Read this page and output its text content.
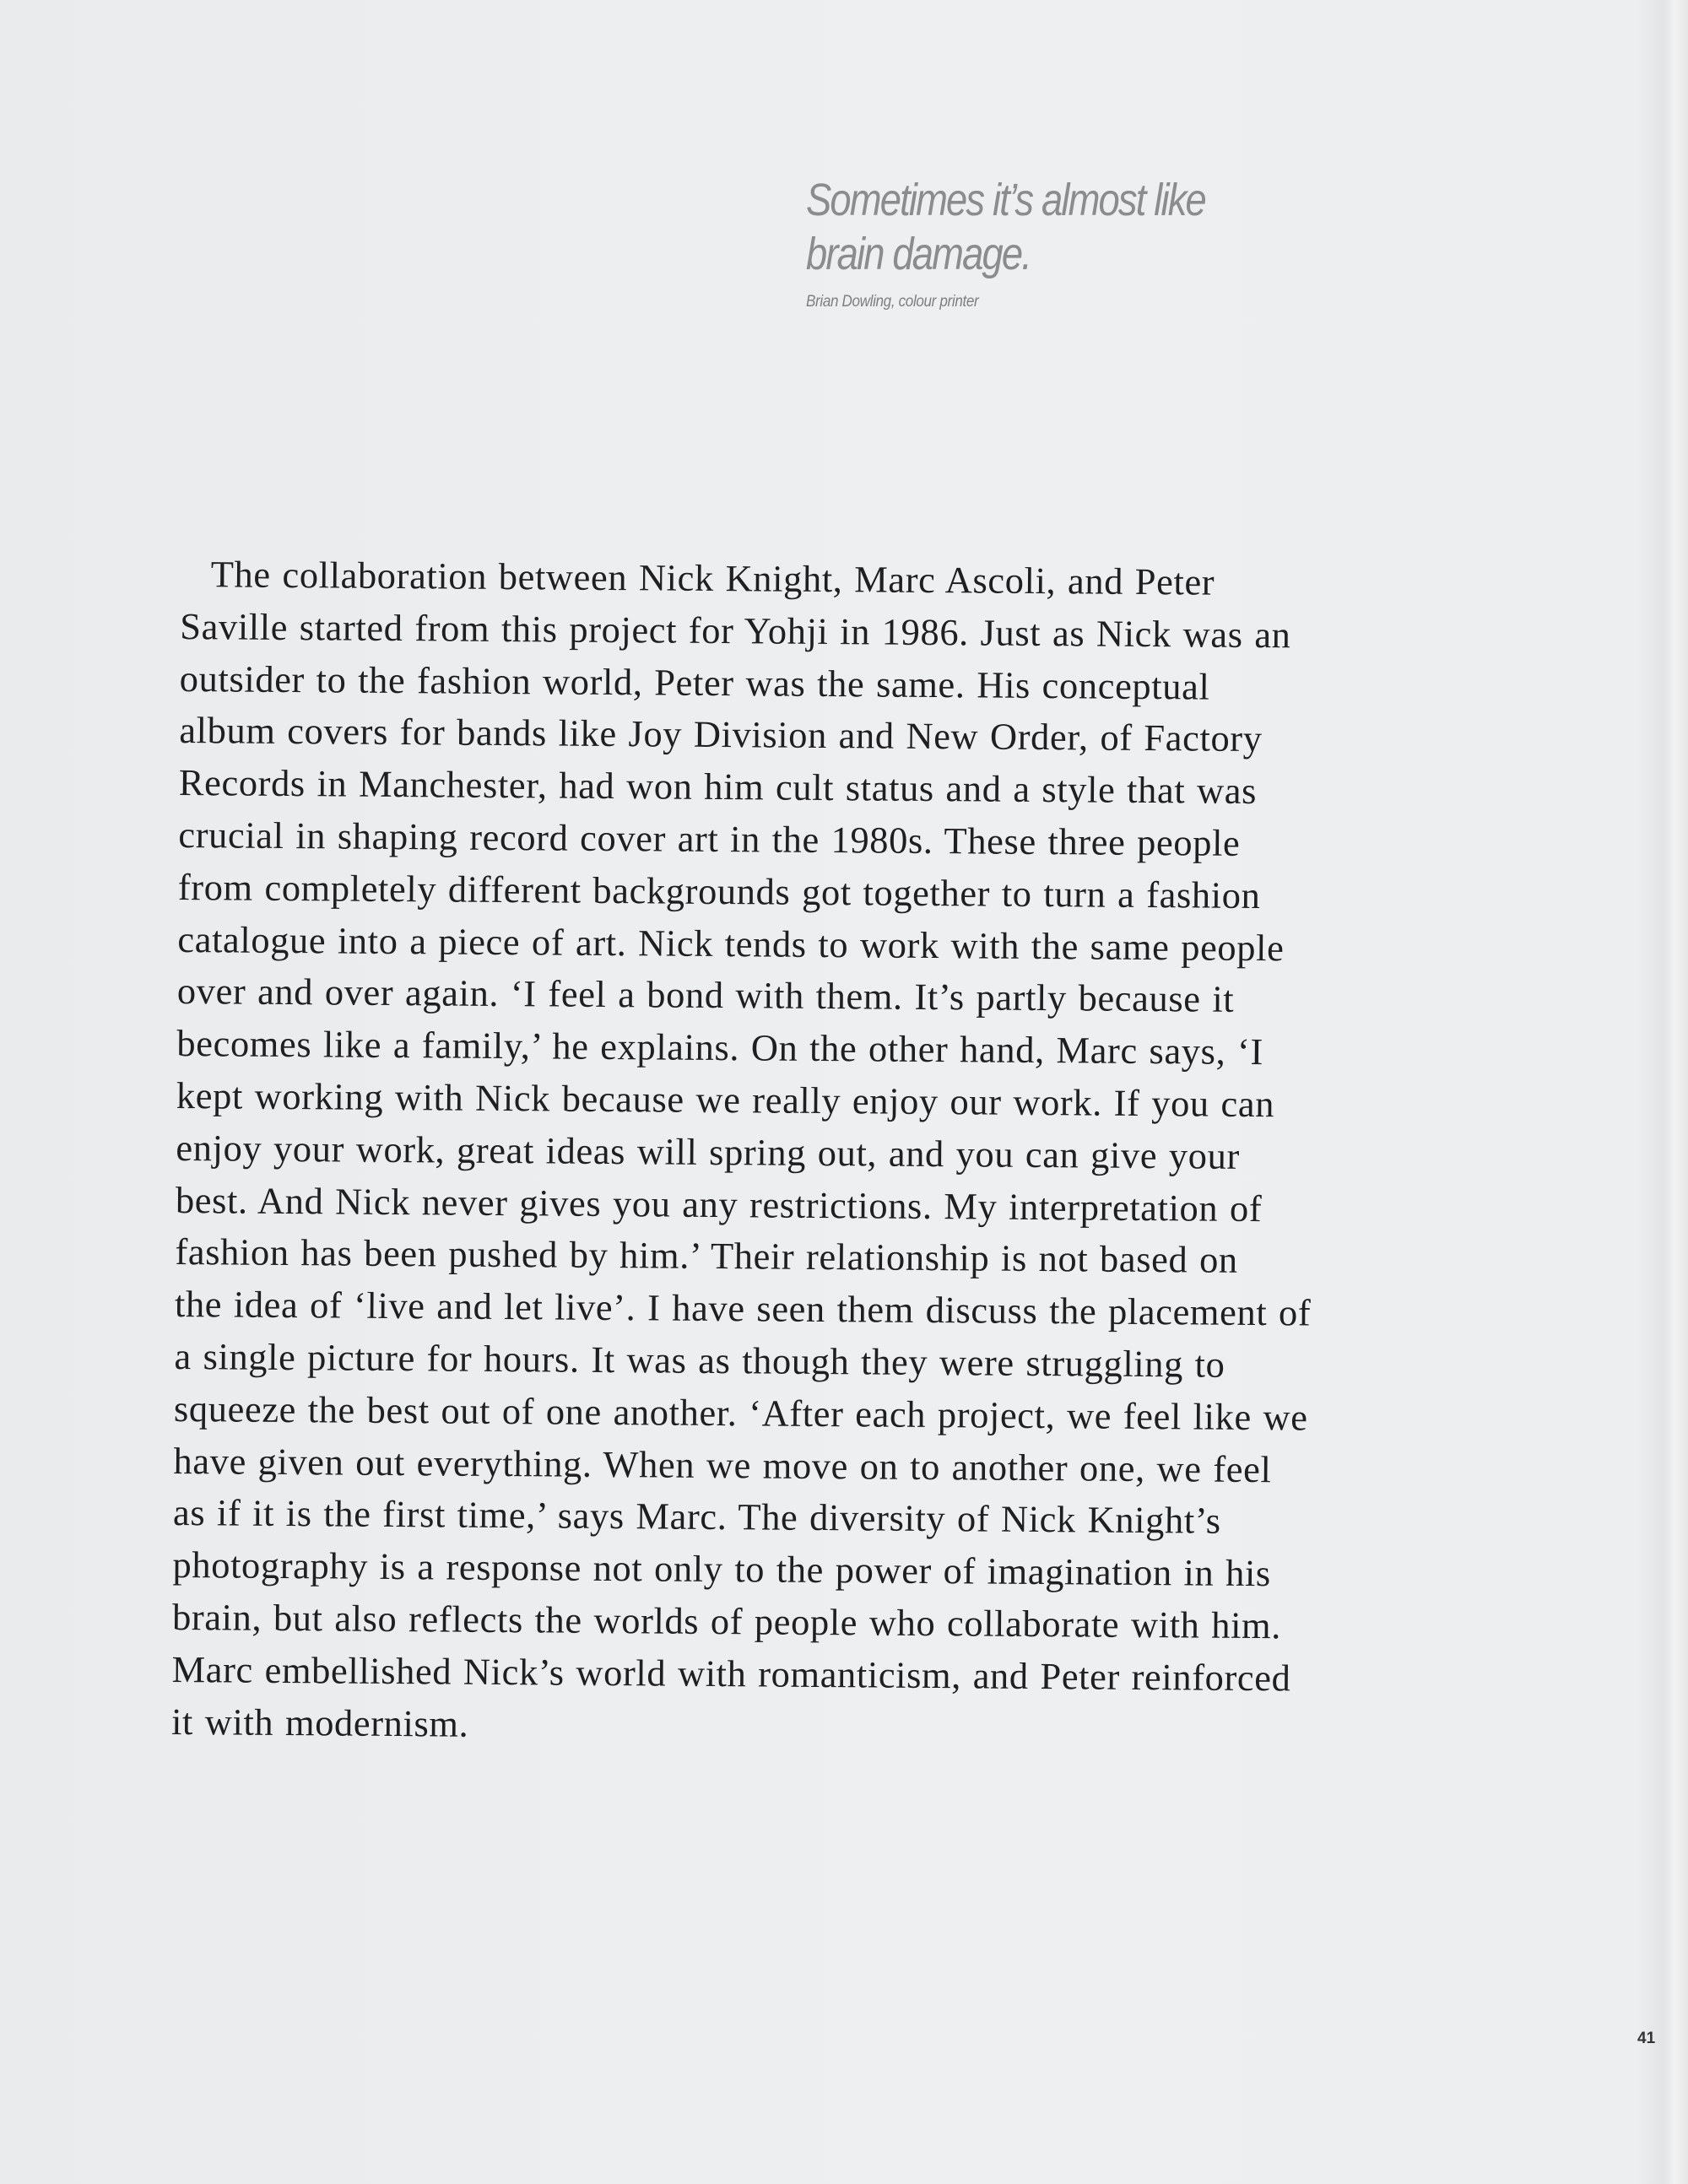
Sometimes it’s almost like
brain damage.

Brian Dowling, colour printer
The collaboration between Nick Knight, Marc Ascoli, and Peter
Saville started from this project for Yohji in 1986. Just as Nick was an
outsider to the fashion world, Peter was the same. His conceptual
album covers for bands like Joy Division and New Order, of Factory
Records in Manchester, had won him cult status and a style that was
crucial in shaping record cover art in the 1980s. These three people
from completely different backgrounds got together to turn a fashion
catalogue into a piece of art. Nick tends to work with the same people
over and over again. ‘I feel a bond with them. It’s partly because it
becomes like a family,’ he explains. On the other hand, Marc says, ‘I
kept working with Nick because we really enjoy our work. If you can
enjoy your work, great ideas will spring out, and you can give your
best. And Nick never gives you any restrictions. My interpretation of
fashion has been pushed by him.’ Their relationship is not based on
the idea of ‘live and let live’. I have seen them discuss the placement of
a single picture for hours. It was as though they were struggling to
squeeze the best out of one another. ‘After each project, we feel like we
have given out everything. When we move on to another one, we feel
as if it is the first time,’ says Marc. The diversity of Nick Knight’s
photography is a response not only to the power of imagination in his
brain, but also reflects the worlds of people who collaborate with him.
Marc embellished Nick’s world with romanticism, and Peter reinforced
it with modernism.
41
